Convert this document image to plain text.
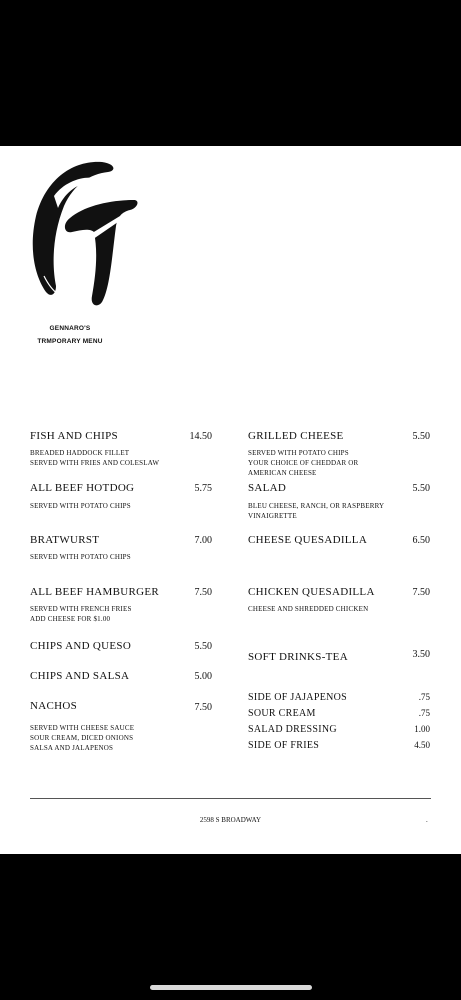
GENNARO'S
TRMPORARY MENU
FISH AND CHIPS	14.50
BREADED HADDOCK FILLET
SERVED WITH FRIES AND COLESLAW
ALL BEEF HOTDOG	5.75
SERVED WITH POTATO CHIPS
BRATWURST	7.00
SERVED WITH POTATO CHIPS
ALL BEEF HAMBURGER	7.50
SERVED WITH FRENCH FRIES
ADD CHEESE FOR $1.00
CHIPS AND QUESO	5.50
CHIPS AND SALSA	5.00
NACHOS	7.50
SERVED WITH CHEESE SAUCE
SOUR CREAM, DICED ONIONS
SALSA AND JALAPENOS
GRILLED CHEESE	5.50
SERVED WITH POTATO CHIPS
YOUR CHOICE OF CHEDDAR OR
AMERICAN CHEESE
SALAD	5.50
BLEU CHEESE, RANCH, OR RASPBERRY
VINAIGRETTE
CHEESE QUESADILLA	6.50
CHICKEN QUESADILLA	7.50
CHEESE AND SHREDDED CHICKEN
SOFT DRINKS-TEA	3.50
SIDE OF JAJAPENOS	.75
SOUR CREAM	.75
SALAD DRESSING	1.00
SIDE OF FRIES	4.50
2598 S BROADWAY	.
